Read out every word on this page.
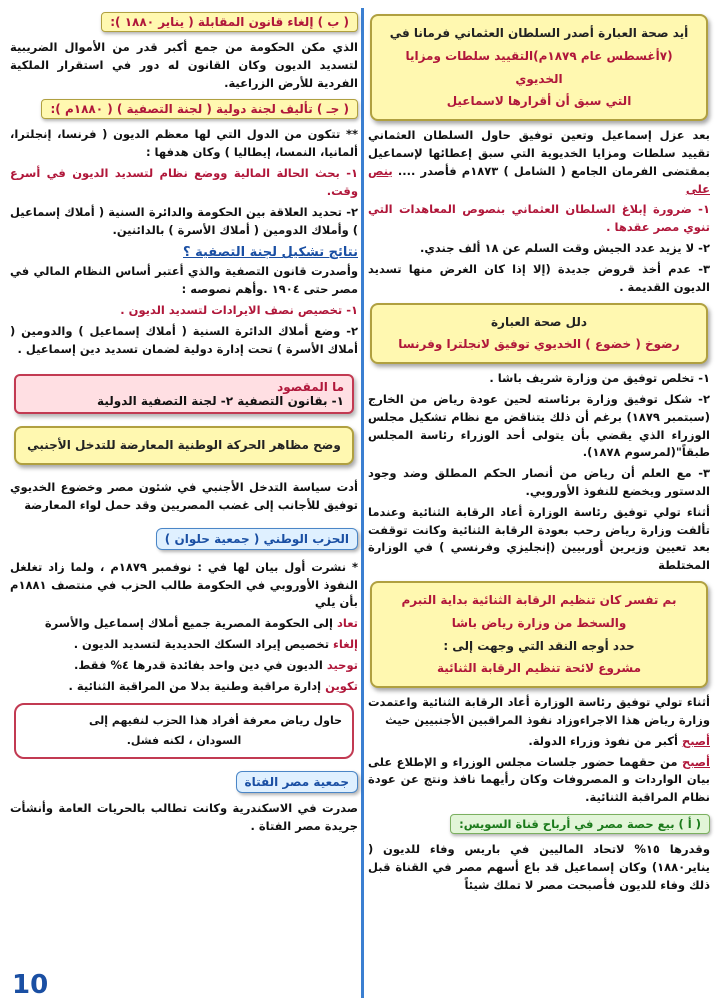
أيد صحة العبارة أصدر السلطان العثماني فرمانا في
(٧أغسطس عام ١٨٧٩م)التقييد سلطات ومزايا الخديوي
التي سبق أن أقرارها لاسماعيل

بعد عزل إسماعيل وتعين توفيق حاول السلطان العثماني تقييد سلطات ومزايا الخديوية التي سبق إعطائها لإسماعيل بمقتضى الفرمان الجامع ( الشامل ) ١٨٧٣م فأصدر .... ينص على

١- ضرورة إبلاغ السلطان العثماني بنصوص المعاهدات التي تنوي مصر عقدها .

٢- لا يزيد عدد الجيش وقت السلم عن ١٨ ألف جندي.

٣- عدم أخذ قروض جديدة (إلا إذا كان الغرض منها تسديد الديون القديمة .

دلل صحة العبارة
رضوخ ( خضوع ) الخديوي توفيق لانجلترا وفرنسا

١- تخلص توفيق من وزارة شريف باشا .

٢- شكل توفيق وزارة برئاسته لحين عودة رياض من الخارج (سبتمبر ١٨٧٩) برغم أن ذلك يتناقض مع نظام تشكيل مجلس الوزراء الذي يقضي بأن يتولى أحد الوزراء رئاسة المجلس طبقاً"(لمرسوم ١٨٧٨).

٣- مع العلم أن رياض من أنصار الحكم المطلق وضد وجود الدستور ويخضع للنفوذ الأوروبي.

أثناء تولي توفيق رئاسة الوزارة أعاد الرقابة الثنائية وعندما تألفت وزارة رياض رحب بعودة الرقابة الثنائية وكانت توقفت بعد تعيين وزيرين أوربيين (إنجليزي وفرنسي ) في الوزارة المختلطة

بم تفسر كان تنظيم الرقابة الثنائية بداية التبرم
والسخط من وزارة رياض باشا
حدد أوجه النقد التي وجهت إلى :
مشروع لائحة تنظيم الرقابة الثنائية

أثناء تولي توفيق رئاسة الوزارة أعاد الرقابة الثنائية واعتمدت وزارة رياض هذا الاجراءوزاد نفوذ المراقبين الأجنبيين حيث

أصبح أكبر من نفوذ وزراء الدولة.

أصبح من حقهما حضور جلسات مجلس الوزراء و الإطلاع على بيان الواردات و المصروفات وكان رأيهما نافذ ونتج عن عودة نظام المراقبة الثنائية.

( أ ) بيع حصة مصر في أرباح قناة السويس:

وقدرها ١٥% لاتحاد الماليين في باريس وفاء للديون ( يناير١٨٨٠) وكان إسماعيل قد باع أسهم مصر في القناة قبل ذلك وفاء للديون فأصبحت مصر لا تملك شيئاً

( ب ) إلغاء قانون المقابلة ( يناير ١٨٨٠ ):

الذي مكن الحكومة من جمع أكبر قدر من الأموال الضريبية لتسديد الديون وكان القانون له دور في استقرار الملكية الفردية للأرض الزراعية.

( جـ ) تأليف لجنة دولية ( لجنة التصفية ) ( ١٨٨٠م ):

** تتكون من الدول التي لها معظم الديون ( فرنسا، إنجلترا، ألمانيا، النمسا، إيطاليا ) وكان هدفها :

١- بحث الحالة المالية ووضع نظام لتسديد الديون في أسرع وقت.

٢- تحديد العلاقة بين الحكومة والدائرة السنية ( أملاك إسماعيل ) وأملاك الدومين ( أملاك الأسرة ) بالدائنين.

نتائج تشكيل لجنة التصفية ؟

وأصدرت قانون التصفية والذي أعتبر أساس النظام المالي في مصر حتى ١٩٠٤ .وأهم نصوصه :

١- تخصيص نصف الايرادات لتسديد الديون .

٢- وضع أملاك الدائرة السنية ( أملاك إسماعيل ) والدومين ( أملاك الأسرة ) تحت إدارة دولية لضمان تسديد دين إسماعيل .

ما المقصود
١- بقانون التصفية ٢- لجنة التصفية الدولية
وضح مظاهر الحركة الوطنية المعارضة للتدخل الأجنبي

أدت سياسة التدخل الأجنبي في شئون مصر وخضوع الخديوي توفيق للأجانب إلى غضب المصريين وقد حمل لواء المعارضة

الحزب الوطني ( جمعية حلوان )

* نشرت أول بيان لها في : نوفمبر ١٨٧٩م ، ولما زاد تغلغل النفوذ الأوروبي في الحكومة طالب الحزب في منتصف ١٨٨١م بأن يلي

تعاد إلى الحكومة المصرية جميع أملاك إسماعيل والأسرة

إلغاء تخصيص إيراد السكك الحديدية لتسديد الديون .

توحيد الديون في دين واحد بفائدة قدرها ٤% فقط.

تكوين إدارة مراقبة وطنية بدلا من المراقبة الثنائية .

حاول رياض معرفة أفراد هذا الحزب لنفيهم إلى
السودان ، لكنه فشل.
جمعية مصر الفتاة

صدرت في الاسكندرية وكانت تطالب بالحريات العامة وأنشأت جريدة مصر الفتاة .

10
